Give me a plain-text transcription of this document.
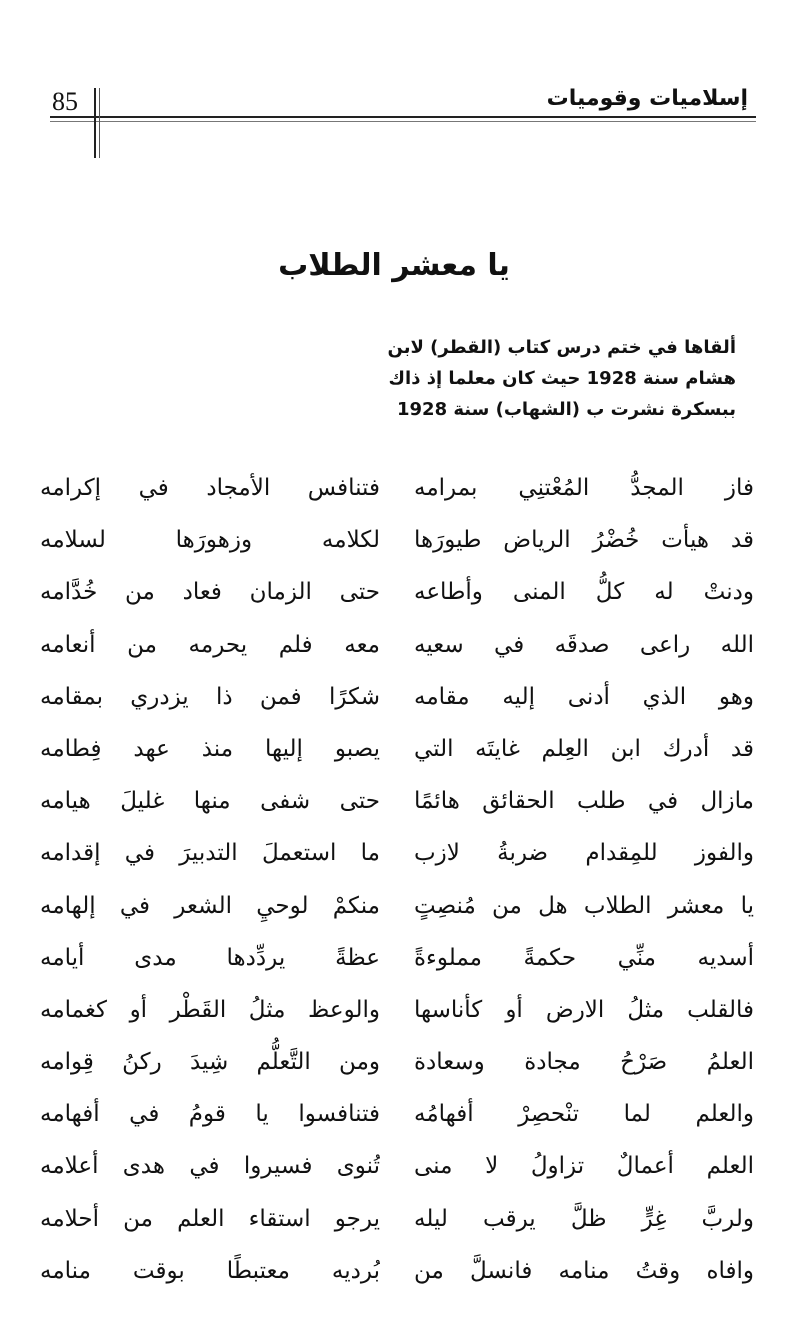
85	إسلاميات وقوميات
يا معشر الطلاب
ألقاها في ختم درس كتاب (القطر) لابن
هشام سنة 1928 حيث كان معلما إذ ذاك
ببسكرة نشرت ب (الشهاب) سنة 1928
فاز المجدُّ المُعْتنِي بمرامه
فتنافس الأمجاد في إكرامه
قد هيأت خُضْرُ الرياض طيورَها
لكلامه وزهورَها لسلامه
ودنتْ له كلُّ المنى وأطاعه
حتى الزمان فعاد من خُدَّامه
الله راعى صدقَه في سعيه
معه فلم يحرمه من أنعامه
وهو الذي أدنى إليه مقامه
شكرًا فمن ذا يزدري بمقامه
قد أدرك ابن العِلم غايتَه التي
يصبو إليها منذ عهد فِطامه
مازال في طلب الحقائق هائمًا
حتى شفى منها غليلَ هيامه
والفوز للمِقدام ضربةُ لازب
ما استعملَ التدبيرَ في إقدامه
يا معشر الطلاب هل من مُنصِتٍ
منكمْ لوحيِ الشعر في إلهامه
أسديه منِّي حكمةً مملوءةً
عظةً يردِّدها مدى أيامه
فالقلب مثلُ الارض أو كأناسها
والوعظ مثلُ القَطْر أو كغمامه
العلمُ صَرْحُ مجادة وسعادة
ومن التَّعلُّم شِيدَ ركنُ قِوامه
والعلم لما تنْحصِرْ أفهامُه
فتنافسوا يا قومُ في أفهامه
العلم أعمالٌ تزاولُ لا منى
تُنوى فسيروا في هدى أعلامه
ولربَّ غِرٍّ ظلَّ يرقب ليله
يرجو استقاء العلم من أحلامه
وافاه وقتُ منامه فانسلَّ من
بُرديه معتبطًا بوقت منامه
